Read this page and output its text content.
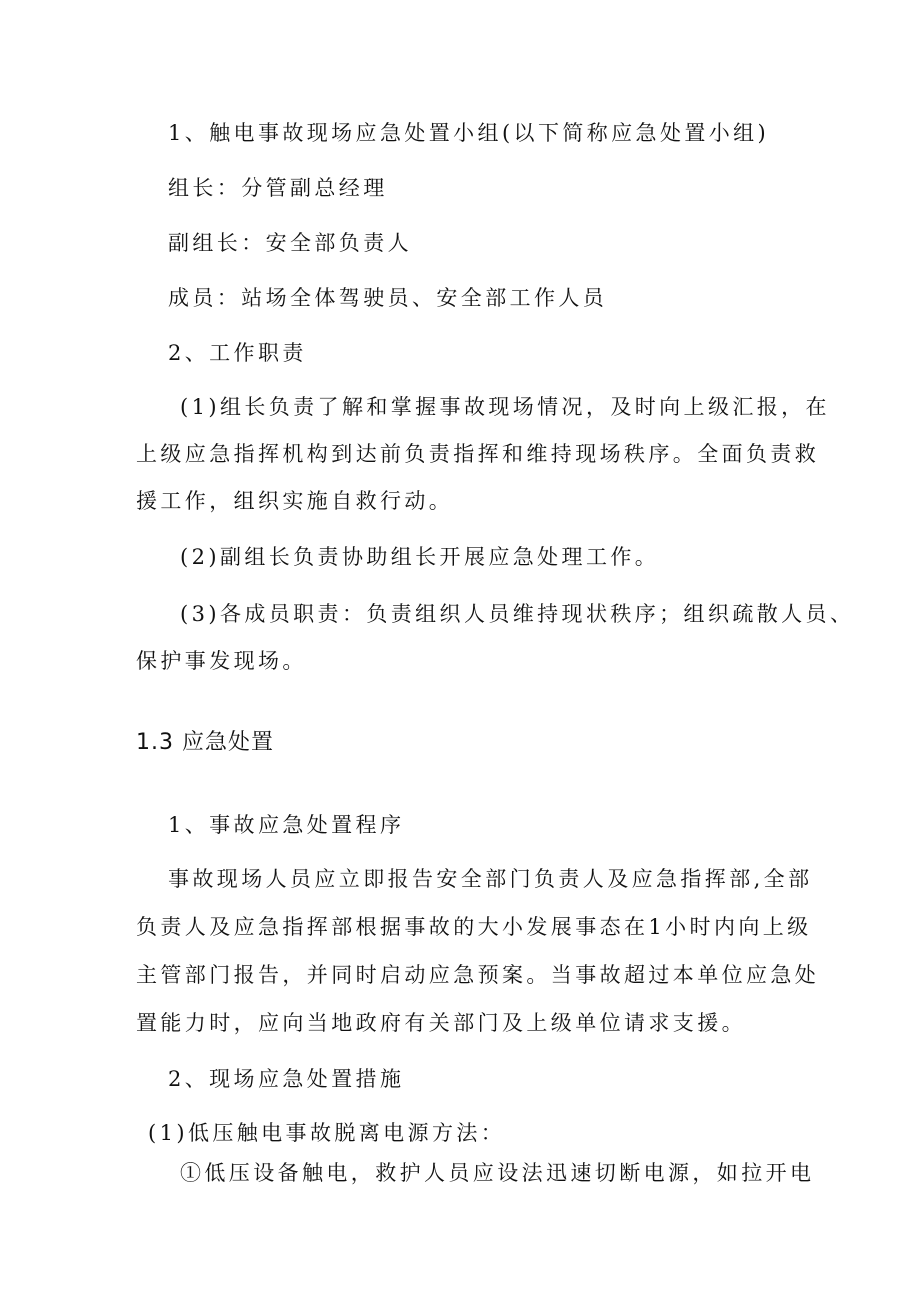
1、触电事故现场应急处置小组(以下简称应急处置小组)
组长：分管副总经理
副组长：安全部负责人
成员：站场全体驾驶员、安全部工作人员
2、工作职责
(1)组长负责了解和掌握事故现场情况，及时向上级汇报，在
上级应急指挥机构到达前负责指挥和维持现场秩序。全面负责救
援工作，组织实施自救行动。
(2)副组长负责协助组长开展应急处理工作。
(3)各成员职责：负责组织人员维持现状秩序；组织疏散人员、
保护事发现场。
1.3 应急处置
1、事故应急处置程序
事故现场人员应立即报告安全部门负责人及应急指挥部,全部
负责人及应急指挥部根据事故的大小发展事态在1小时内向上级
主管部门报告，并同时启动应急预案。当事故超过本单位应急处
置能力时，应向当地政府有关部门及上级单位请求支援。
2、现场应急处置措施
(1)低压触电事故脱离电源方法：
①低压设备触电，救护人员应设法迅速切断电源，如拉开电
